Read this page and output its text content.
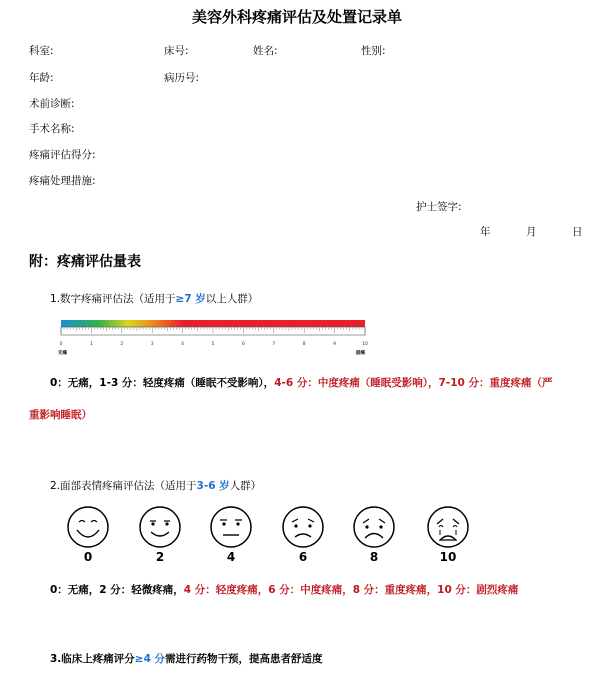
美容外科疼痛评估及处置记录单
科室:	床号:	姓名:	性别:
年龄:	病历号:
术前诊断:
手术名称:
疼痛评估得分:
疼痛处理措施:
护士签字:
年	月	日
附：疼痛评估量表
1.数字疼痛评估法（适用于≥7 岁以上人群）
0	1	2	3	4	5	6	7	8	9	10
无痛	剧痛
0：无痛，1-3 分：轻度疼痛（睡眠不受影响），4-6 分：中度疼痛（睡眠受影响），7-10 分：重度疼痛（严
重影响睡眠）
2.面部表情疼痛评估法（适用于3-6 岁人群）
0	2	4	6	8	10
0：无痛，2 分：轻微疼痛，4 分：轻度疼痛，6 分：中度疼痛，8 分：重度疼痛，10 分：剧烈疼痛
3.临床上疼痛评分≥4 分需进行药物干预，提高患者舒适度
